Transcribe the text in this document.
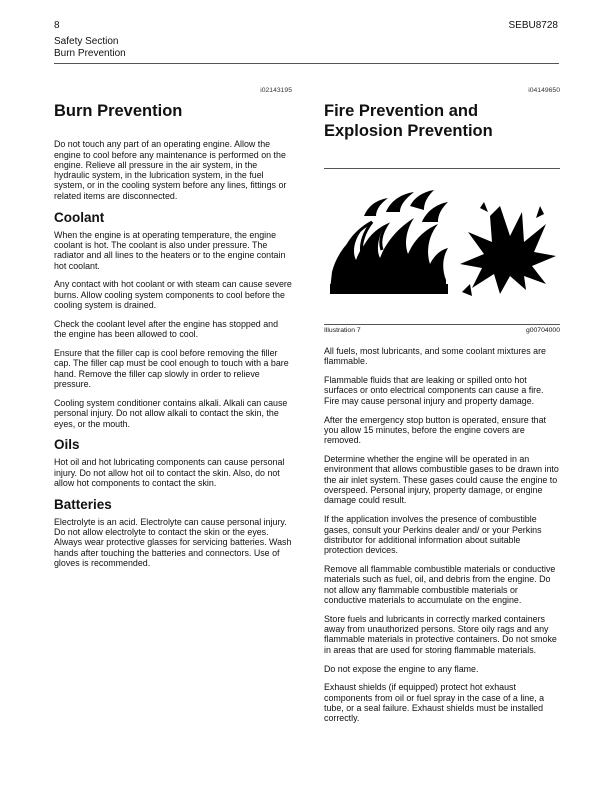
8	SEBU8728
Safety Section
Burn Prevention
i02143195
Burn Prevention

Do not touch any part of an operating engine. Allow the engine to cool before any maintenance is performed on the engine. Relieve all pressure in the air system, in the hydraulic system, in the lubrication system, in the fuel system, or in the cooling system before any lines, fittings or related items are disconnected.

Coolant

When the engine is at operating temperature, the engine coolant is hot. The coolant is also under pressure. The radiator and all lines to the heaters or to the engine contain hot coolant.

Any contact with hot coolant or with steam can cause severe burns. Allow cooling system components to cool before the cooling system is drained.

Check the coolant level after the engine has stopped and the engine has been allowed to cool.

Ensure that the filler cap is cool before removing the filler cap. The filler cap must be cool enough to touch with a bare hand. Remove the filler cap slowly in order to relieve pressure.

Cooling system conditioner contains alkali. Alkali can cause personal injury. Do not allow alkali to contact the skin, the eyes, or the mouth.

Oils

Hot oil and hot lubricating components can cause personal injury. Do not allow hot oil to contact the skin. Also, do not allow hot components to contact the skin.

Batteries

Electrolyte is an acid. Electrolyte can cause personal injury. Do not allow electrolyte to contact the skin or the eyes. Always wear protective glasses for servicing batteries. Wash hands after touching the batteries and connectors. Use of gloves is recommended.

i04149650
Fire Prevention and Explosion Prevention
Illustration 7	g00704000

All fuels, most lubricants, and some coolant mixtures are flammable.

Flammable fluids that are leaking or spilled onto hot surfaces or onto electrical components can cause a fire. Fire may cause personal injury and property damage.

After the emergency stop button is operated, ensure that you allow 15 minutes, before the engine covers are removed.

Determine whether the engine will be operated in an environment that allows combustible gases to be drawn into the air inlet system. These gases could cause the engine to overspeed. Personal injury, property damage, or engine damage could result.

If the application involves the presence of combustible gases, consult your Perkins dealer and/ or your Perkins distributor for additional information about suitable protection devices.

Remove all flammable combustible materials or conductive materials such as fuel, oil, and debris from the engine. Do not allow any flammable combustible materials or conductive materials to accumulate on the engine.

Store fuels and lubricants in correctly marked containers away from unauthorized persons. Store oily rags and any flammable materials in protective containers. Do not smoke in areas that are used for storing flammable materials.

Do not expose the engine to any flame.

Exhaust shields (if equipped) protect hot exhaust components from oil or fuel spray in the case of a line, a tube, or a seal failure. Exhaust shields must be installed correctly.
